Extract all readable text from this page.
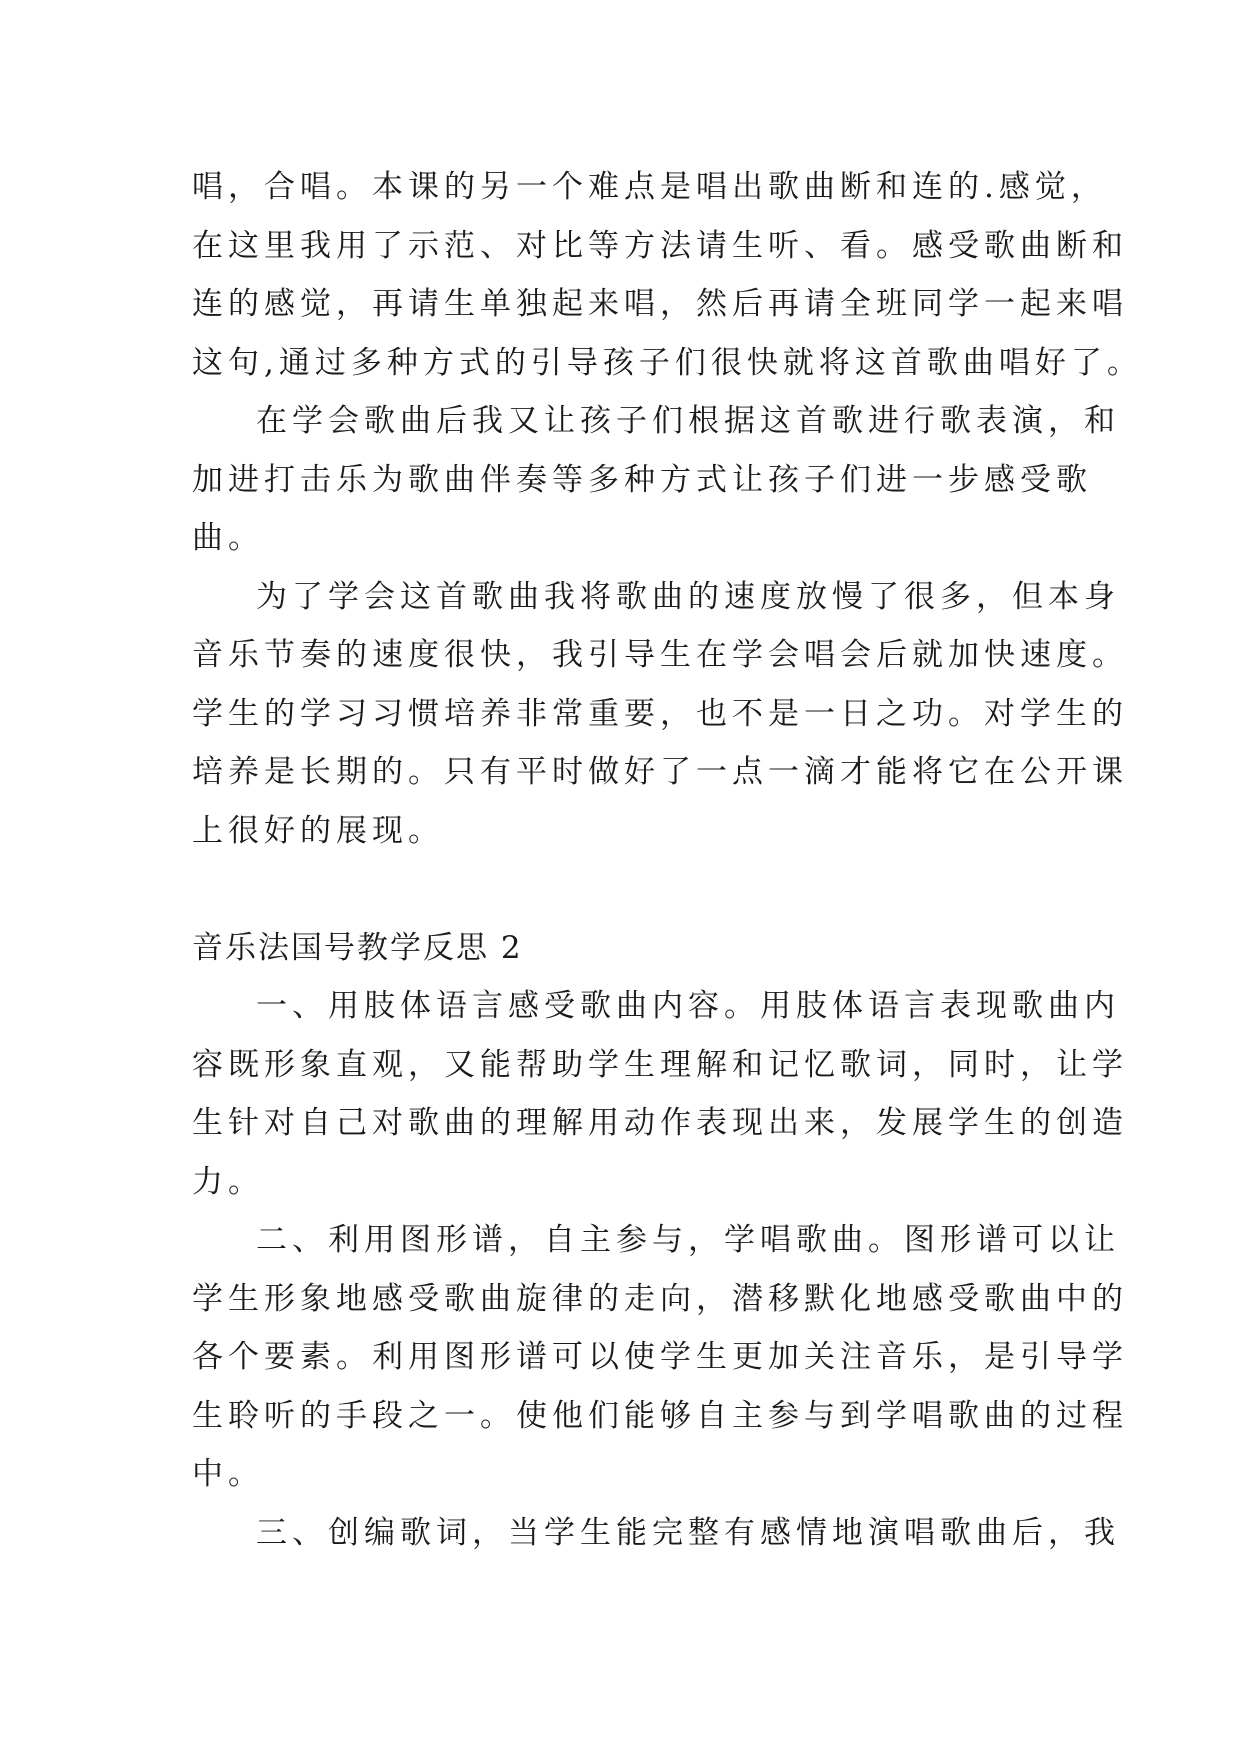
唱，合唱。本课的另一个难点是唱出歌曲断和连的.感觉，
在这里我用了示范、对比等方法请生听、看。感受歌曲断和
连的感觉，再请生单独起来唱，然后再请全班同学一起来唱
这句,通过多种方式的引导孩子们很快就将这首歌曲唱好了。
在学会歌曲后我又让孩子们根据这首歌进行歌表演，和
加进打击乐为歌曲伴奏等多种方式让孩子们进一步感受歌
曲。
为了学会这首歌曲我将歌曲的速度放慢了很多，但本身
音乐节奏的速度很快，我引导生在学会唱会后就加快速度。
学生的学习习惯培养非常重要，也不是一日之功。对学生的
培养是长期的。只有平时做好了一点一滴才能将它在公开课
上很好的展现。
音乐法国号教学反思 2
一、用肢体语言感受歌曲内容。用肢体语言表现歌曲内
容既形象直观，又能帮助学生理解和记忆歌词，同时，让学
生针对自己对歌曲的理解用动作表现出来，发展学生的创造
力。
二、利用图形谱，自主参与，学唱歌曲。图形谱可以让
学生形象地感受歌曲旋律的走向，潜移默化地感受歌曲中的
各个要素。利用图形谱可以使学生更加关注音乐，是引导学
生聆听的手段之一。使他们能够自主参与到学唱歌曲的过程
中。
三、创编歌词，当学生能完整有感情地演唱歌曲后，我
